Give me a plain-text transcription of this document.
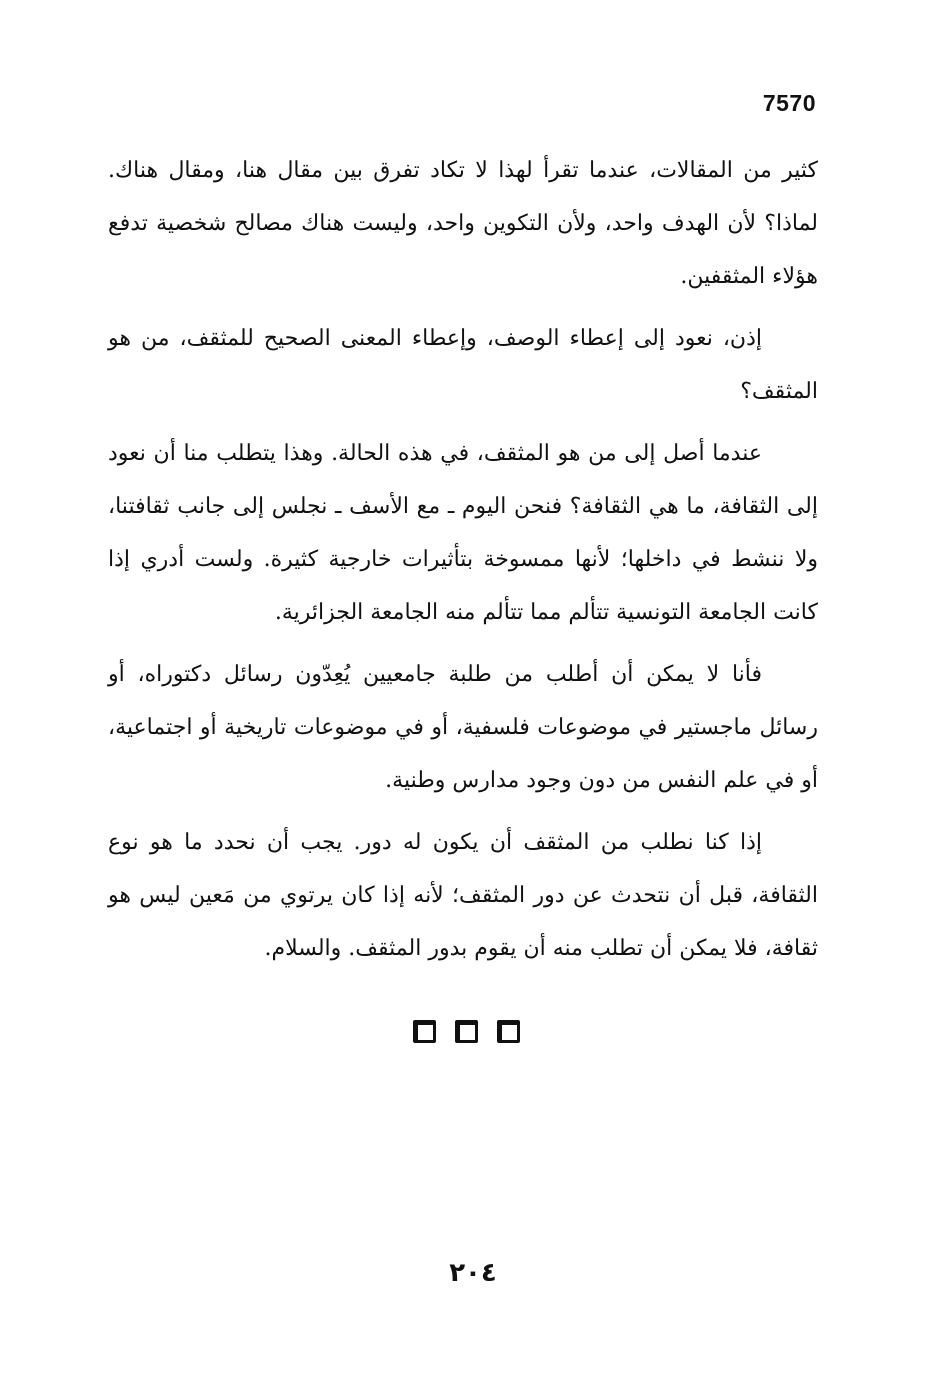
7570

كثير من المقالات، عندما تقرأ لهذا لا تكاد تفرق بين مقال هنا، ومقال هناك. لماذا؟ لأن الهدف واحد، ولأن التكوين واحد، وليست هناك مصالح شخصية تدفع هؤلاء المثقفين.

إذن، نعود إلى إعطاء الوصف، وإعطاء المعنى الصحيح للمثقف، من هو المثقف؟

عندما أصل إلى من هو المثقف، في هذه الحالة. وهذا يتطلب منا أن نعود إلى الثقافة، ما هي الثقافة؟ فنحن اليوم ـ مع الأسف ـ نجلس إلى جانب ثقافتنا، ولا ننشط في داخلها؛ لأنها ممسوخة بتأثيرات خارجية كثيرة. ولست أدري إذا كانت الجامعة التونسية تتألم مما تتألم منه الجامعة الجزائرية.

فأنا لا يمكن أن أطلب من طلبة جامعيين يُعِدّون رسائل دكتوراه، أو رسائل ماجستير في موضوعات فلسفية، أو في موضوعات تاريخية أو اجتماعية، أو في علم النفس من دون وجود مدارس وطنية.

إذا كنا نطلب من المثقف أن يكون له دور. يجب أن نحدد ما هو نوع الثقافة، قبل أن نتحدث عن دور المثقف؛ لأنه إذا كان يرتوي من مَعين ليس هو ثقافة، فلا يمكن أن تطلب منه أن يقوم بدور المثقف. والسلام.

٢٠٤
